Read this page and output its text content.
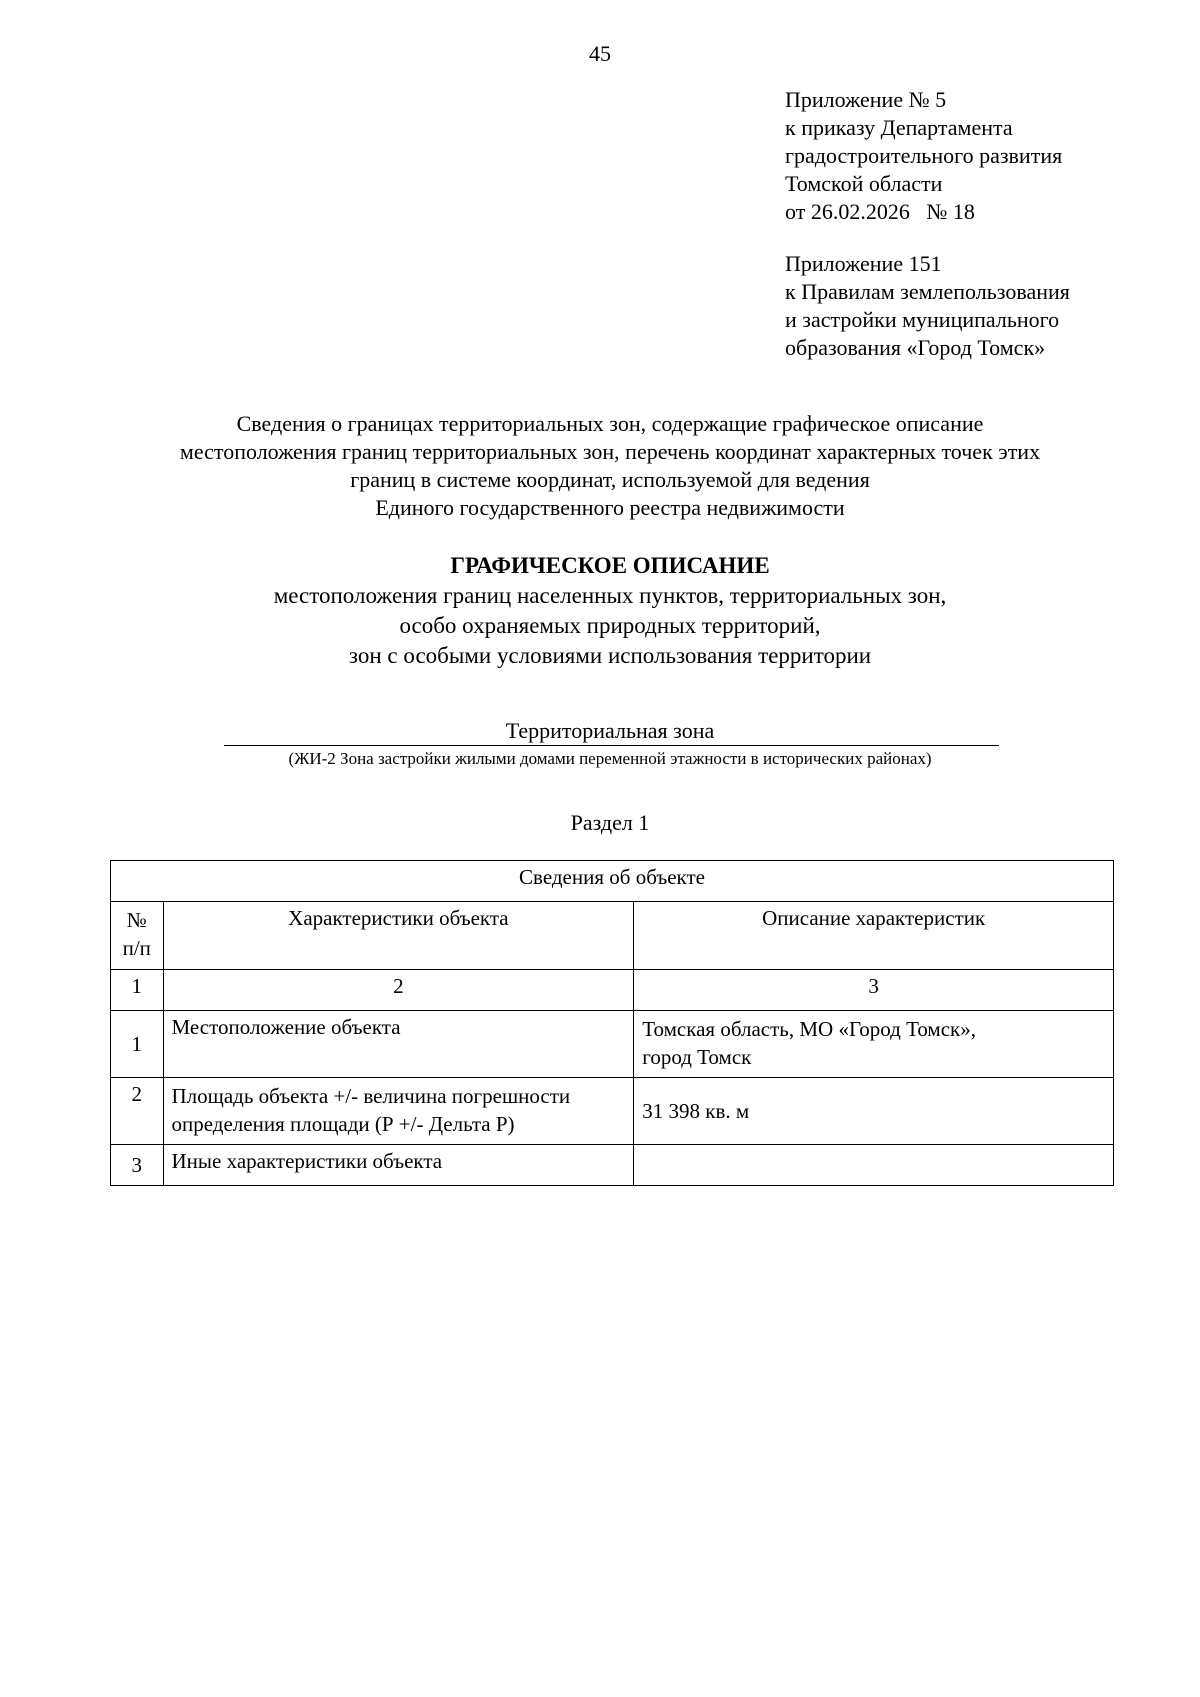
45
Приложение № 5
к приказу Департамента
градостроительного развития
Томской области
от 26.02.2026   № 18
Приложение 151
к Правилам землепользования
и застройки муниципального
образования «Город Томск»
Сведения о границах территориальных зон, содержащие графическое описание
местоположения границ территориальных зон, перечень координат характерных точек этих
границ в системе координат, используемой для ведения
Единого государственного реестра недвижимости
ГРАФИЧЕСКОЕ ОПИСАНИЕ
местоположения границ населенных пунктов, территориальных зон,
особо охраняемых природных территорий,
зон с особыми условиями использования территории
Территориальная зона
(ЖИ-2 Зона застройки жилыми домами переменной этажности в исторических районах)
Раздел 1
Сведения об объекте		

№
п/п	Характеристики объекта	Описание характеристик
1	2	3
1	Местоположение объекта	Томская область, МО «Город Томск»,
город Томск

2	Площадь объекта +/- величина погрешности
определения площади (Р +/- Дельта Р)	31 398 кв. м
3	Иные характеристики объекта	
